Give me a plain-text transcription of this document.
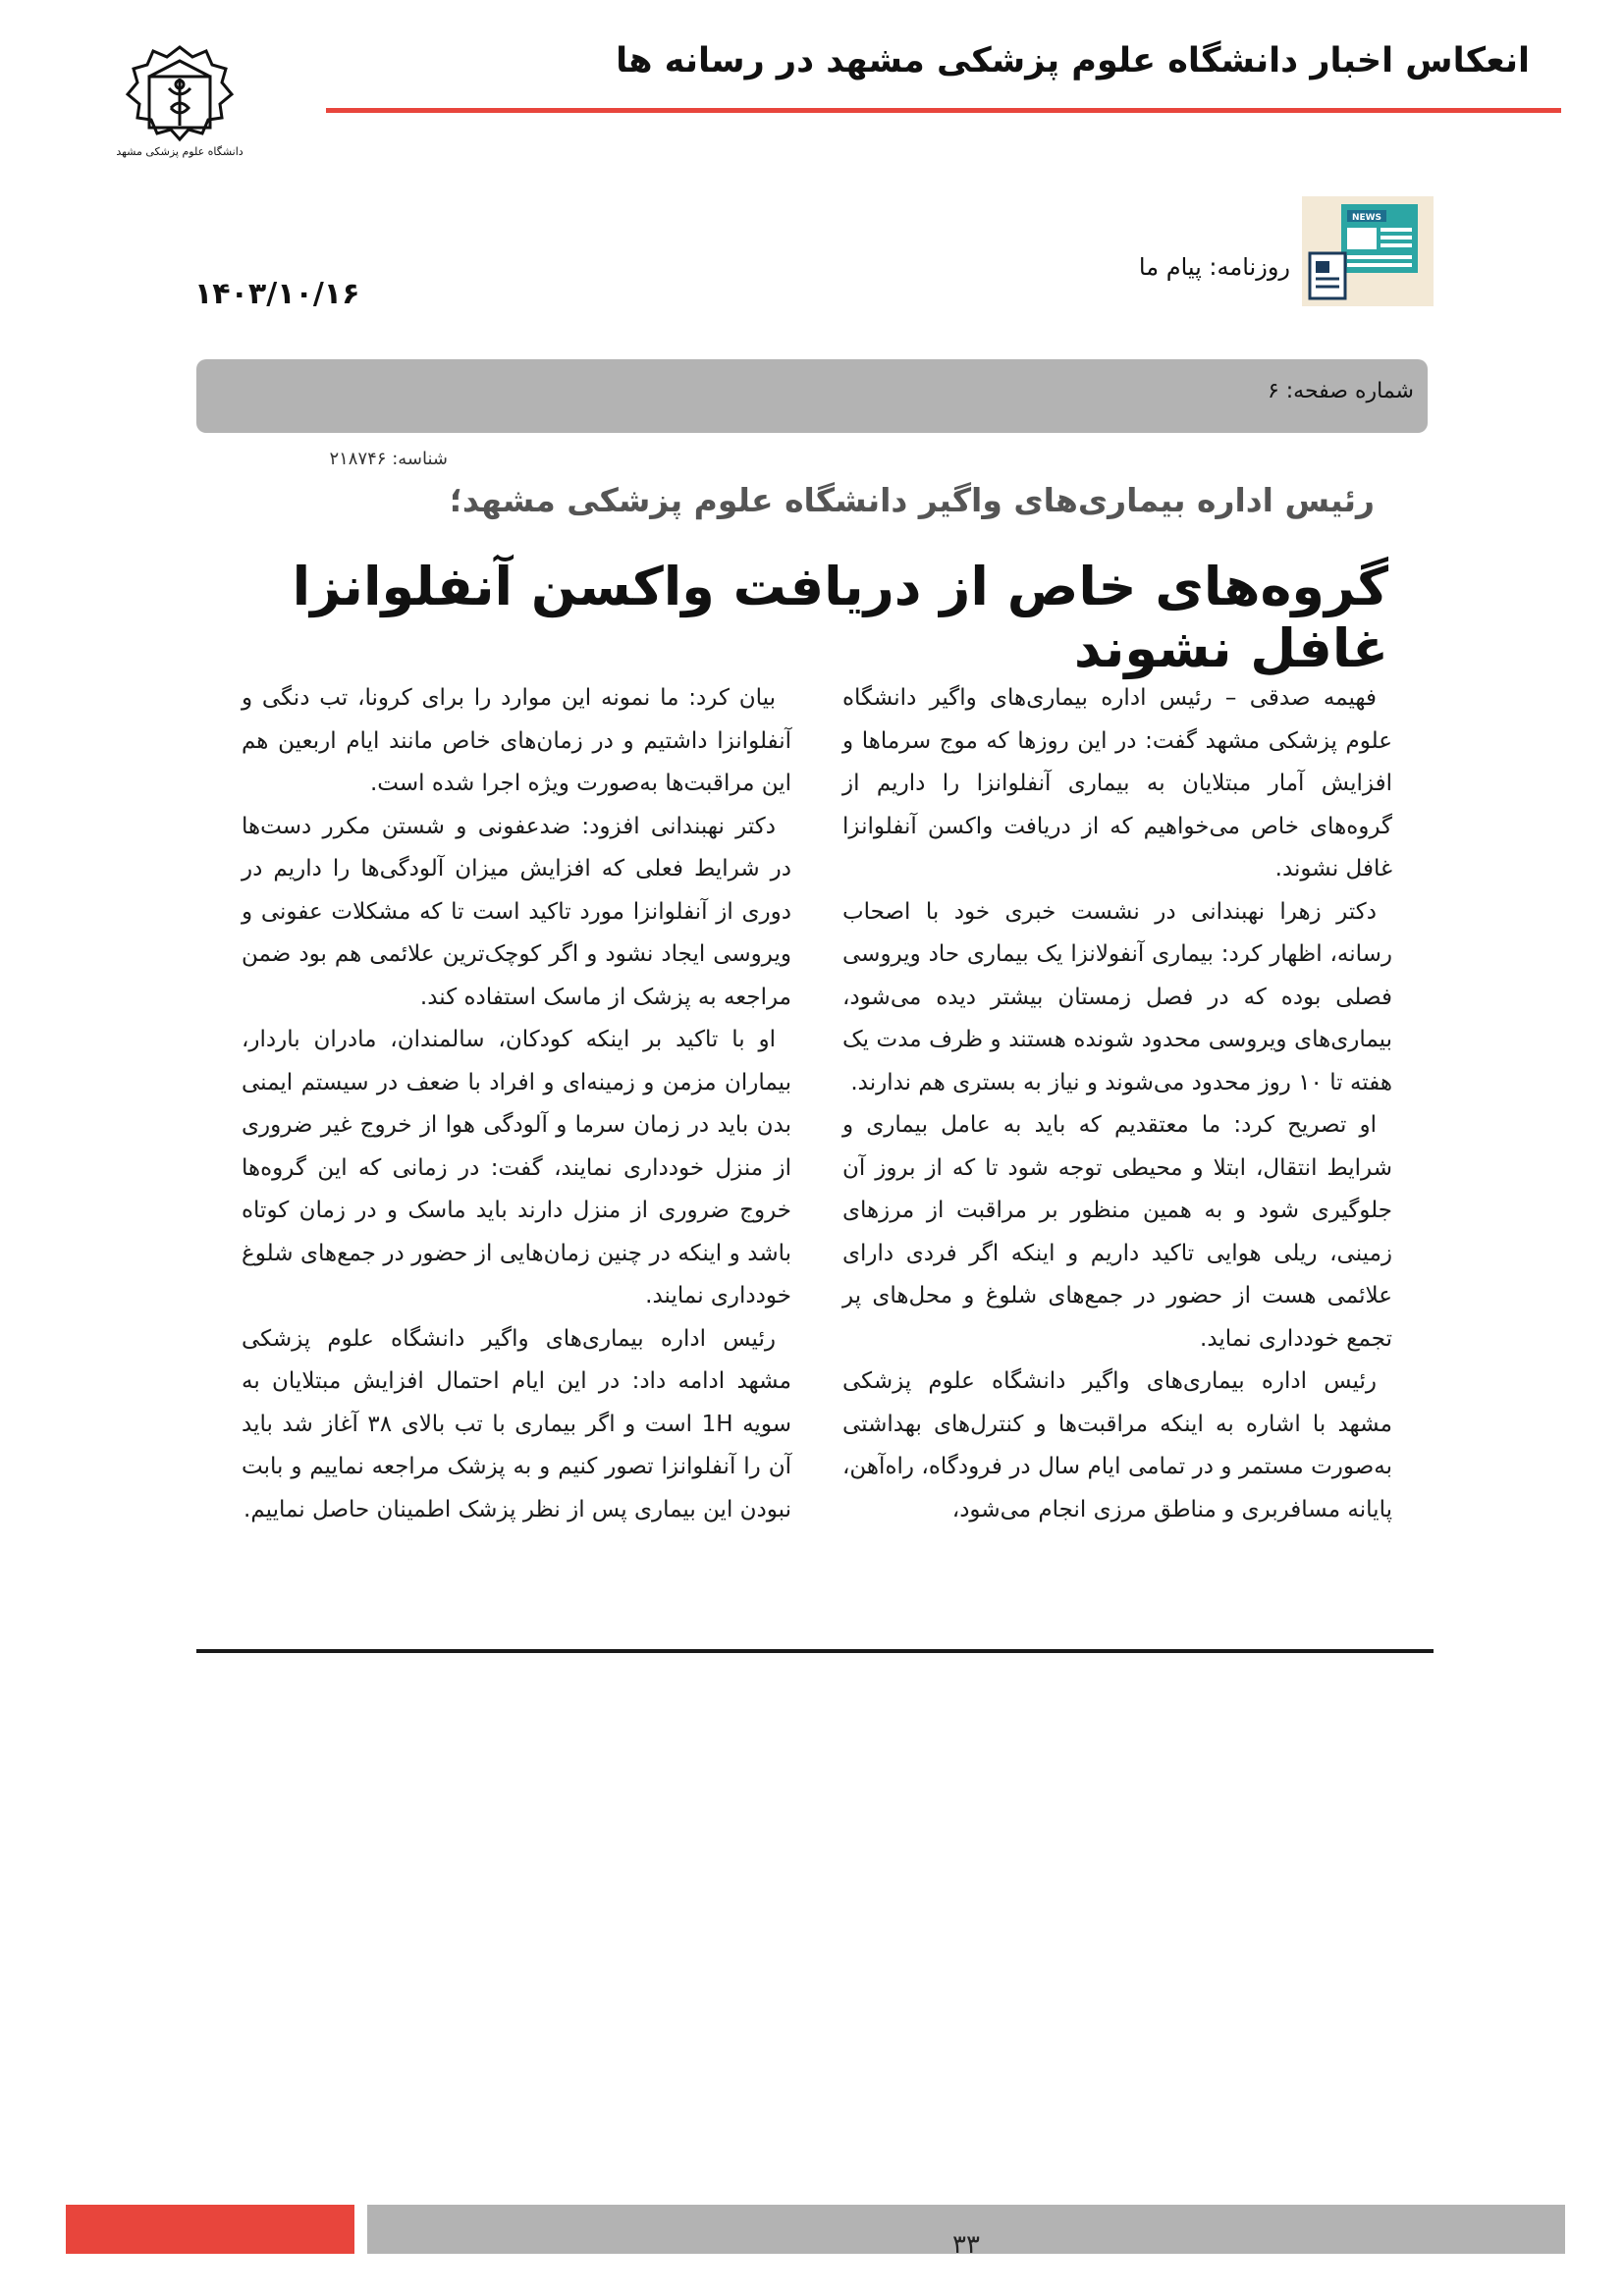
انعکاس اخبار دانشگاه علوم پزشکی مشهد در رسانه ها
دانشگاه علوم پزشکی مشهد
NEWS
روزنامه: پیام ما
۱۴۰۳/۱۰/۱۶
شماره صفحه: ۶
شناسه: ۲۱۸۷۴۶
رئیس اداره بیماری‌های واگیر دانشگاه علوم پزشکی مشهد؛
گروه‌های خاص از دریافت واکسن آنفلوانزا غافل نشوند

فهیمه صدقی – رئیس اداره بیماری‌های واگیر دانشگاه علوم پزشکی مشهد گفت: در این روزها که موج سرماها و افزایش آمار مبتلایان به بیماری آنفلوانزا را داریم از گروه‌های خاص می‌خواهیم که از دریافت واکسن آنفلوانزا غافل نشوند.

دکتر زهرا نهبندانی در نشست خبری خود با اصحاب رسانه، اظهار کرد: بیماری آنفولانزا یک بیماری حاد ویروسی فصلی بوده که در فصل زمستان بیشتر دیده می‌شود، بیماری‌های ویروسی محدود شونده هستند و ظرف مدت یک هفته تا ۱۰ روز محدود می‌شوند و نیاز به بستری هم ندارند.

او تصریح کرد: ما معتقدیم که باید به عامل بیماری و شرایط انتقال، ابتلا و محیطی توجه شود تا که از بروز آن جلوگیری شود و به همین منظور بر مراقبت از مرزهای زمینی، ریلی هوایی تاکید داریم و اینکه اگر فردی دارای علائمی هست از حضور در جمع‌های شلوغ و محل‌های پر تجمع خودداری نماید.

رئیس اداره بیماری‌های واگیر دانشگاه علوم پزشکی مشهد با اشاره به اینکه مراقبت‌ها و کنترل‌های بهداشتی به‌صورت مستمر و در تمامی ایام سال در فرودگاه، راه‌آهن، پایانه مسافربری و مناطق مرزی انجام می‌شود،

بیان کرد: ما نمونه این موارد را برای کرونا، تب دنگی و آنفلوانزا داشتیم و در زمان‌های خاص مانند ایام اربعین هم این مراقبت‌ها به‌صورت ویژه اجرا شده است.

دکتر نهبندانی افزود: ضدعفونی و شستن مکرر دست‌ها در شرایط فعلی که افزایش میزان آلودگی‌ها را داریم در دوری از آنفلوانزا مورد تاکید است تا که مشکلات عفونی و ویروسی ایجاد نشود و اگر کوچک‌ترین علائمی هم بود ضمن مراجعه به پزشک از ماسک استفاده کند.

او با تاکید بر اینکه کودکان، سالمندان، مادران باردار، بیماران مزمن و زمینه‌ای و افراد با ضعف در سیستم ایمنی بدن باید در زمان سرما و آلودگی هوا از خروج غیر ضروری از منزل خودداری نمایند، گفت: در زمانی که این گروه‌ها خروج ضروری از منزل دارند باید ماسک و در زمان کوتاه باشد و اینکه در چنین زمان‌هایی از حضور در جمع‌های شلوغ خودداری نمایند.

رئیس اداره بیماری‌های واگیر دانشگاه علوم پزشکی مشهد ادامه داد: در این ایام احتمال افزایش مبتلایان به سویه 1H است و اگر بیماری با تب بالای ۳۸ آغاز شد باید آن را آنفلوانزا تصور کنیم و به پزشک مراجعه نماییم و بابت نبودن این بیماری پس از نظر پزشک اطمینان حاصل نماییم.

۳۳
